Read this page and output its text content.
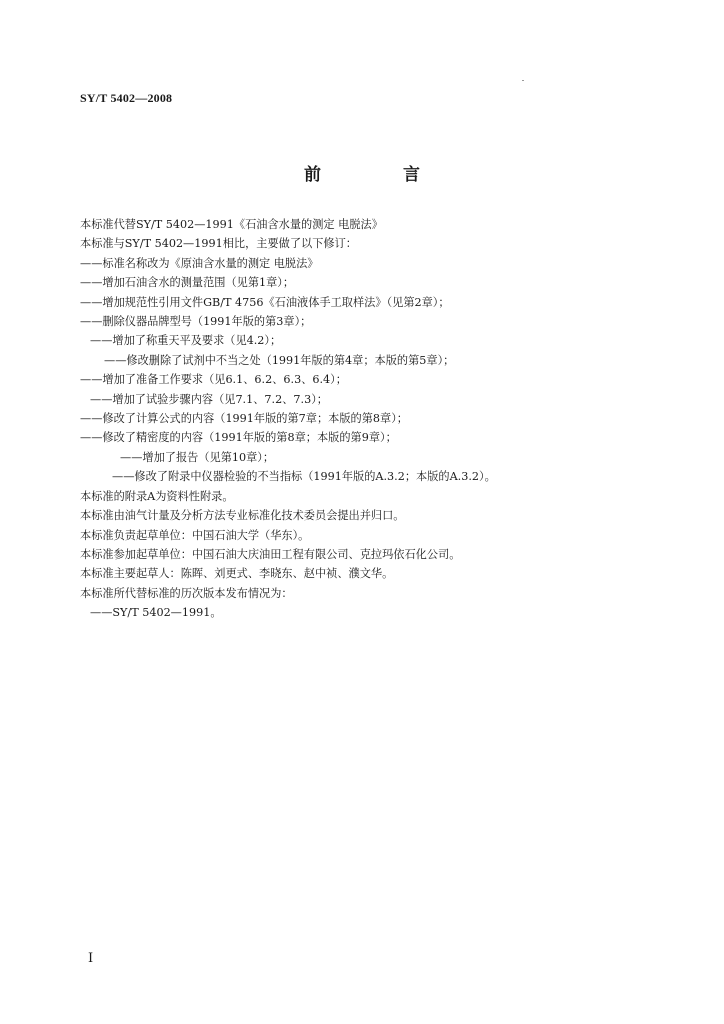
SY/T 5402—2008
前 言
本标准代替SY/T 5402—1991《石油含水量的测定 电脱法》
本标准与SY/T 5402—1991相比，主要做了以下修订：
——标准名称改为《原油含水量的测定 电脱法》
——增加石油含水的测量范围（见第1章）；
——增加规范性引用文件GB/T 4756《石油液体手工取样法》（见第2章）；
——删除仪器品牌型号（1991年版的第3章）；
——增加了称重天平及要求（见4.2）；
——修改删除了试剂中不当之处（1991年版的第4章；本版的第5章）；
——增加了准备工作要求（见6.1、6.2、6.3、6.4）；
——增加了试验步骤内容（见7.1、7.2、7.3）；
——修改了计算公式的内容（1991年版的第7章；本版的第8章）；
——修改了精密度的内容（1991年版的第8章；本版的第9章）；
——增加了报告（见第10章）；
——修改了附录中仪器检验的不当指标（1991年版的A.3.2；本版的A.3.2）。
本标准的附录A为资料性附录。
本标准由油气计量及分析方法专业标准化技术委员会提出并归口。
本标准负责起草单位：中国石油大学（华东）。
本标准参加起草单位：中国石油大庆油田工程有限公司、克拉玛依石化公司。
本标准主要起草人：陈晖、刘更式、李晓东、赵中祯、濮文华。
本标准所代替标准的历次版本发布情况为：
——SY/T 5402—1991。
Ⅰ
